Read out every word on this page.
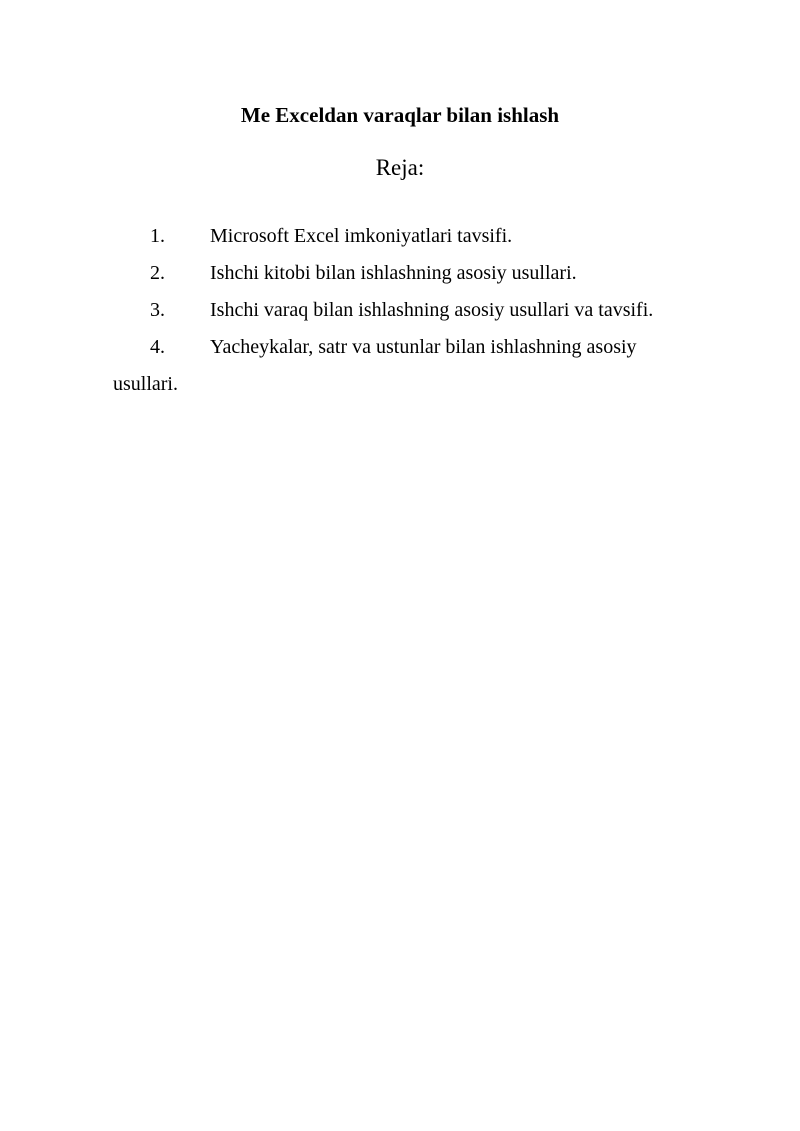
Me Exceldan varaqlar bilan ishlash
Reja:
1. Microsoft Excel imkoniyatlari tavsifi.
2. Ishchi kitobi bilan ishlashning asosiy usullari.
3. Ishchi varaq bilan ishlashning asosiy usullari va tavsifi.
4. Yacheykalar, satr va ustunlar bilan ishlashning asosiy
usullari.
